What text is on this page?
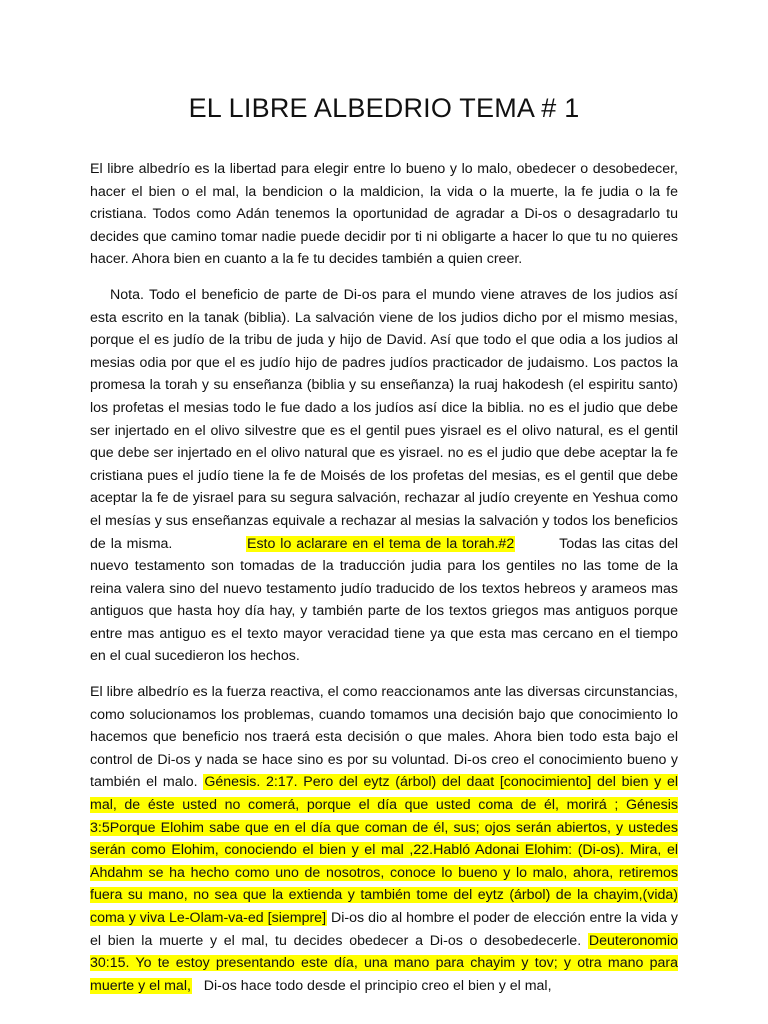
EL LIBRE ALBEDRIO TEMA # 1

El libre albedrío es la libertad para elegir entre lo bueno y lo malo, obedecer o desobedecer, hacer el bien o el mal, la bendicion o la maldicion, la vida o la muerte, la fe judia o la fe cristiana. Todos como Adán tenemos la oportunidad de agradar a Di-os o desagradarlo tu decides que camino tomar nadie puede decidir por ti ni obligarte a hacer lo que tu no quieres hacer. Ahora bien en cuanto a la fe tu decides también a quien creer.

Nota. Todo el beneficio de parte de Di-os para el mundo viene atraves de los judios así esta escrito en la tanak (biblia). La salvación viene de los judios dicho por el mismo mesias, porque el es judío de la tribu de juda y hijo de David. Así que todo el que odia a los judios al mesias odia por que el es judío hijo de padres judíos practicador de judaismo. Los pactos la promesa la torah y su enseñanza (biblia y su enseñanza) la ruaj hakodesh (el espiritu santo) los profetas el mesias todo le fue dado a los judíos así dice la biblia. no es el judio que debe ser injertado en el olivo silvestre que es el gentil pues yisrael es el olivo natural, es el gentil que debe ser injertado en el olivo natural que es yisrael. no es el judio que debe aceptar la fe cristiana pues el judío tiene la fe de Moisés de los profetas del mesias, es el gentil que debe aceptar la fe de yisrael para su segura salvación, rechazar al judío creyente en Yeshua como el mesías y sus enseñanzas equivale a rechazar al mesias la salvación y todos los beneficios de la misma.	Esto lo aclarare en el tema de la torah.#2	Todas las citas del nuevo testamento son tomadas de la traducción judia para los gentiles no las tome de la reina valera sino del nuevo testamento judío traducido de los textos hebreos y arameos mas antiguos que hasta hoy día hay, y también parte de los textos griegos mas antiguos porque entre mas antiguo es el texto mayor veracidad tiene ya que esta mas cercano en el tiempo en el cual sucedieron los hechos.

El libre albedrío es la fuerza reactiva, el como reaccionamos ante las diversas circunstancias, como solucionamos los problemas, cuando tomamos una decisión bajo que conocimiento lo hacemos que beneficio nos traerá esta decisión o que males. Ahora bien todo esta bajo el control de Di-os y nada se hace sino es por su voluntad. Di-os creo el conocimiento bueno y también el malo. Génesis. 2:17. Pero del eytz (árbol) del daat [conocimiento] del bien y el mal, de éste usted no comerá, porque el día que usted coma de él, morirá ; Génesis 3:5Porque Elohim sabe que en el día que coman de él, sus; ojos serán abiertos, y ustedes serán como Elohim, conociendo el bien y el mal ,22.Habló Adonai Elohim: (Di-os). Mira, el Ahdahm se ha hecho como uno de nosotros, conoce lo bueno y lo malo, ahora, retiremos fuera su mano, no sea que la extienda y también tome del eytz (árbol) de la chayim,(vida) coma y viva Le-Olam-va-ed [siempre] Di-os dio al hombre el poder de elección entre la vida y el bien la muerte y el mal, tu decides obedecer a Di-os o desobedecerle. Deuteronomio 30:15. Yo te estoy presentando este día, una mano para chayim y tov; y otra mano para muerte y el mal, Di-os hace todo desde el principio creo el bien y el mal,
